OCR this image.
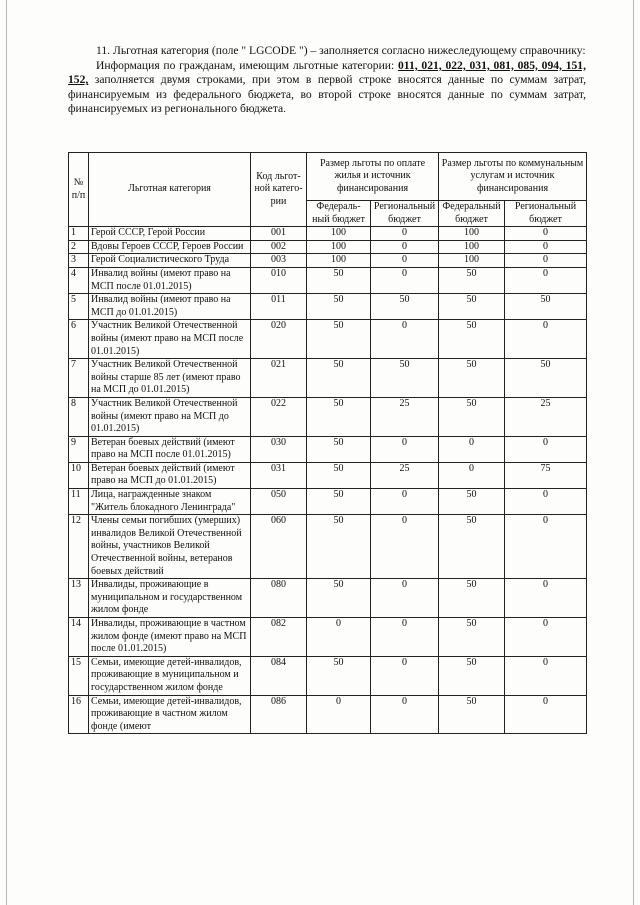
11. Льготная категория (поле " LGCODE ") – заполняется согласно нижеследующему справочнику:

Информация по гражданам, имеющим льготные категории: 011, 021, 022, 031, 081, 085, 094, 151, 152, заполняется двумя строками, при этом в первой строке вносятся данные по суммам затрат, финансируемым из федерального бюджета, во второй строке вносятся данные по суммам затрат, финансируемых из регионального бюджета.

№ п/п	Льготная категория	Код льгот-ной катего-рии	Размер льготы по оплате жилья и источник финансирования		Размер льготы по коммунальным услугам и источник финансирования	
			Федераль-ный бюджет	Региональный бюджет	Федеральный бюджет	Региональный бюджет
1	Герой СССР, Герой России	001	100	0	100	0
2	Вдовы Героев СССР, Героев России	002	100	0	100	0
3	Герой Социалистического Труда	003	100	0	100	0
4	Инвалид войны (имеют право на МСП после 01.01.2015)	010	50	0	50	0
5	Инвалид войны (имеют право на МСП до 01.01.2015)	011	50	50	50	50
6	Участник Великой Отечественной войны (имеют право на МСП после 01.01.2015)	020	50	0	50	0
7	Участник Великой Отечественной войны старше 85 лет (имеют право на МСП до 01.01.2015)	021	50	50	50	50
8	Участник Великой Отечественной войны (имеют право на МСП до 01.01.2015)	022	50	25	50	25
9	Ветеран боевых действий (имеют право на МСП после 01.01.2015)	030	50	0	0	0
10	Ветеран боевых действий (имеют право на МСП до 01.01.2015)	031	50	25	0	75
11	Лица, награжденные знаком "Житель блокадного Ленинграда"	050	50	0	50	0
12	Члены семьи погибших (умерших) инвалидов Великой Отечественной войны, участников Великой Отечественной войны, ветеранов боевых действий	060	50	0	50	0
13	Инвалиды, проживающие в муниципальном и государственном жилом фонде	080	50	0	50	0
14	Инвалиды, проживающие в частном жилом фонде (имеют право на МСП после 01.01.2015)	082	0	0	50	0
15	Семьи, имеющие детей-инвалидов, проживающие в муниципальном и государственном жилом фонде	084	50	0	50	0
16	Семьи, имеющие детей-инвалидов, проживающие в частном жилом фонде (имеют	086	0	0	50	0
